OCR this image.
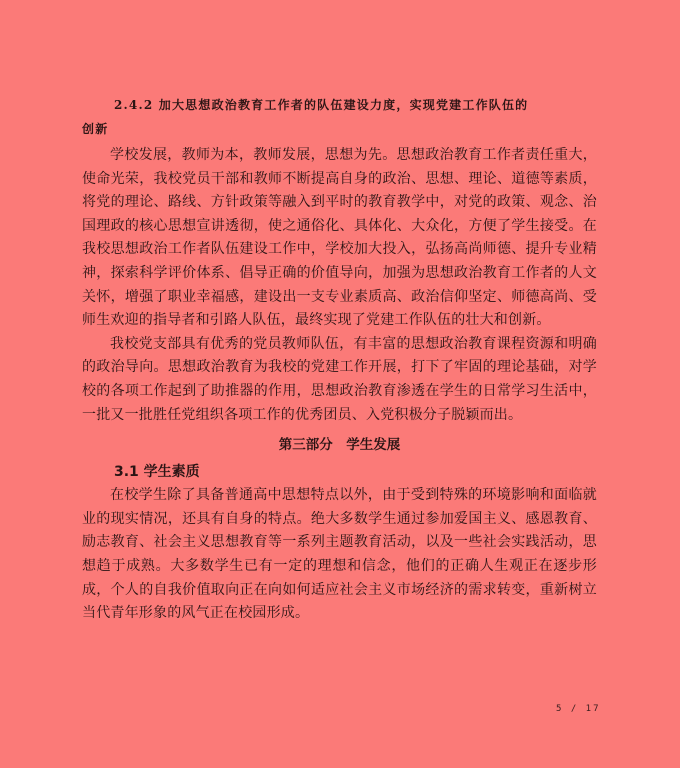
2.4.2 加大思想政治教育工作者的队伍建设力度，实现党建工作队伍的

创新

学校发展，教师为本，教师发展，思想为先。思想政治教育工作者责任重大，使命光荣，我校党员干部和教师不断提高自身的政治、思想、理论、道德等素质，将党的理论、路线、方针政策等融入到平时的教育教学中，对党的政策、观念、治国理政的核心思想宣讲透彻，使之通俗化、具体化、大众化，方便了学生接受。在我校思想政治工作者队伍建设工作中，学校加大投入，弘扬高尚师德、提升专业精神，探索科学评价体系、倡导正确的价值导向，加强为思想政治教育工作者的人文关怀，增强了职业幸福感，建设出一支专业素质高、政治信仰坚定、师德高尚、受师生欢迎的指导者和引路人队伍，最终实现了党建工作队伍的壮大和创新。

我校党支部具有优秀的党员教师队伍，有丰富的思想政治教育课程资源和明确的政治导向。思想政治教育为我校的党建工作开展，打下了牢固的理论基础，对学校的各项工作起到了助推器的作用，思想政治教育渗透在学生的日常学习生活中，一批又一批胜任党组织各项工作的优秀团员、入党积极分子脱颖而出。

第三部分 学生发展

3.1 学生素质

在校学生除了具备普通高中思想特点以外，由于受到特殊的环境影响和面临就业的现实情况，还具有自身的特点。绝大多数学生通过参加爱国主义、感恩教育、励志教育、社会主义思想教育等一系列主题教育活动，以及一些社会实践活动，思想趋于成熟。大多数学生已有一定的理想和信念，他们的正确人生观正在逐步形成，个人的自我价值取向正在向如何适应社会主义市场经济的需求转变，重新树立当代青年形象的风气正在校园形成。

5 / 17
